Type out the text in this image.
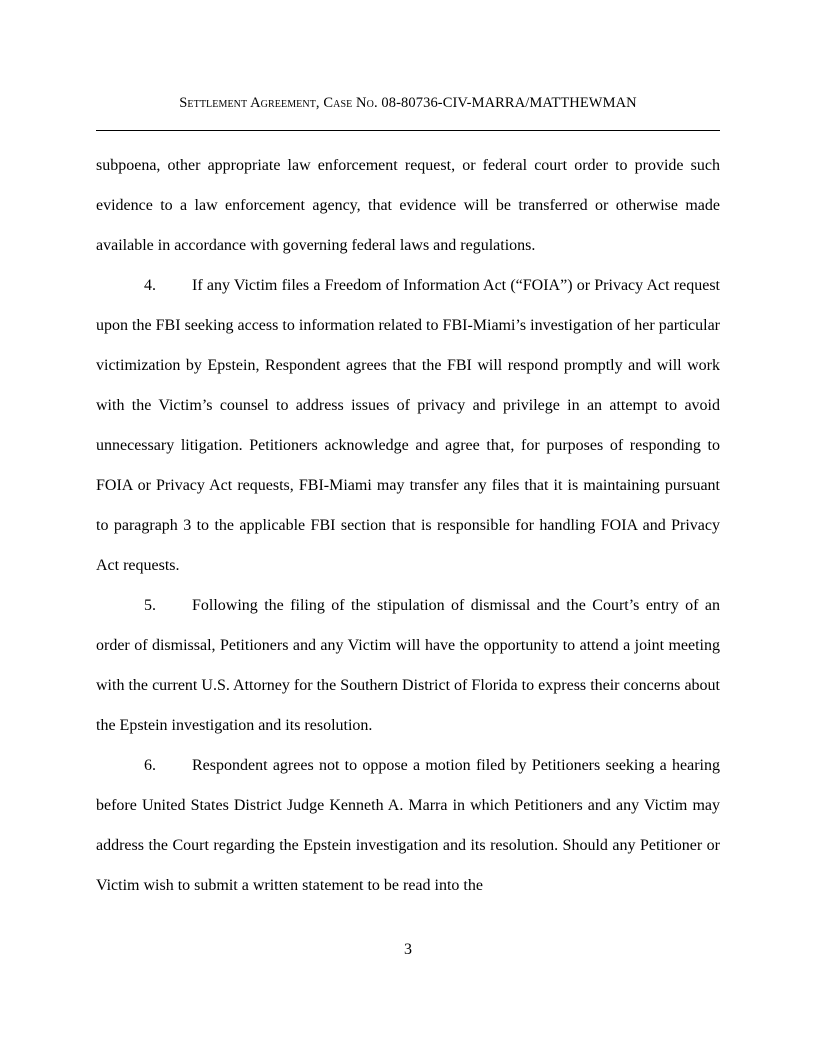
Settlement Agreement, Case No. 08-80736-CIV-MARRA/MATTHEWMAN

subpoena, other appropriate law enforcement request, or federal court order to provide such evidence to a law enforcement agency, that evidence will be transferred or otherwise made available in accordance with governing federal laws and regulations.

4. If any Victim files a Freedom of Information Act (“FOIA”) or Privacy Act request upon the FBI seeking access to information related to FBI-Miami’s investigation of her particular victimization by Epstein, Respondent agrees that the FBI will respond promptly and will work with the Victim’s counsel to address issues of privacy and privilege in an attempt to avoid unnecessary litigation. Petitioners acknowledge and agree that, for purposes of responding to FOIA or Privacy Act requests, FBI-Miami may transfer any files that it is maintaining pursuant to paragraph 3 to the applicable FBI section that is responsible for handling FOIA and Privacy Act requests.

5. Following the filing of the stipulation of dismissal and the Court’s entry of an order of dismissal, Petitioners and any Victim will have the opportunity to attend a joint meeting with the current U.S. Attorney for the Southern District of Florida to express their concerns about the Epstein investigation and its resolution.

6. Respondent agrees not to oppose a motion filed by Petitioners seeking a hearing before United States District Judge Kenneth A. Marra in which Petitioners and any Victim may address the Court regarding the Epstein investigation and its resolution. Should any Petitioner or Victim wish to submit a written statement to be read into the

3
